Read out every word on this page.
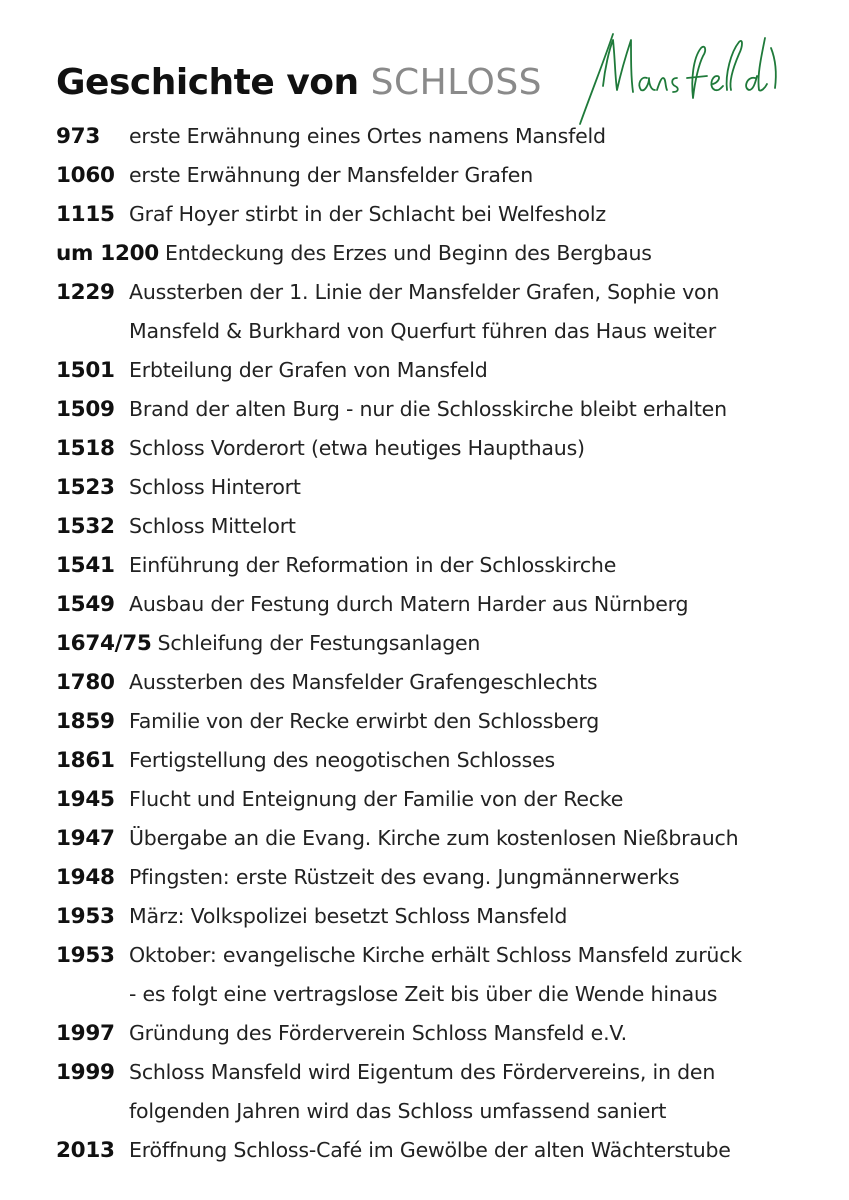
Geschichte von SCHLOSS
973	erste Erwähnung eines Ortes namens Mansfeld
1060 erste Erwähnung der Mansfelder Grafen
1115 Graf Hoyer stirbt in der Schlacht bei Welfesholz
um 1200 Entdeckung des Erzes und Beginn des Bergbaus
1229 Aussterben der 1. Linie der Mansfelder Grafen, Sophie von
Mansfeld & Burkhard von Querfurt führen das Haus weiter
1501 Erbteilung der Grafen von Mansfeld
1509 Brand der alten Burg - nur die Schlosskirche bleibt erhalten
1518 Schloss Vorderort (etwa heutiges Haupthaus)
1523 Schloss Hinterort
1532 Schloss Mittelort
1541 Einführung der Reformation in der Schlosskirche
1549 Ausbau der Festung durch Matern Harder aus Nürnberg
1674/75 Schleifung der Festungsanlagen
1780 Aussterben des Mansfelder Grafengeschlechts
1859 Familie von der Recke erwirbt den Schlossberg
1861 Fertigstellung des neogotischen Schlosses
1945 Flucht und Enteignung der Familie von der Recke
1947 Übergabe an die Evang. Kirche zum kostenlosen Nießbrauch
1948 Pfingsten: erste Rüstzeit des evang. Jungmännerwerks
1953 März: Volkspolizei besetzt Schloss Mansfeld
1953 Oktober: evangelische Kirche erhält Schloss Mansfeld zurück
- es folgt eine vertragslose Zeit bis über die Wende hinaus
1997 Gründung des Förderverein Schloss Mansfeld e.V.
1999 Schloss Mansfeld wird Eigentum des Fördervereins, in den
folgenden Jahren wird das Schloss umfassend saniert
2013 Eröffnung Schloss-Café im Gewölbe der alten Wächterstube
